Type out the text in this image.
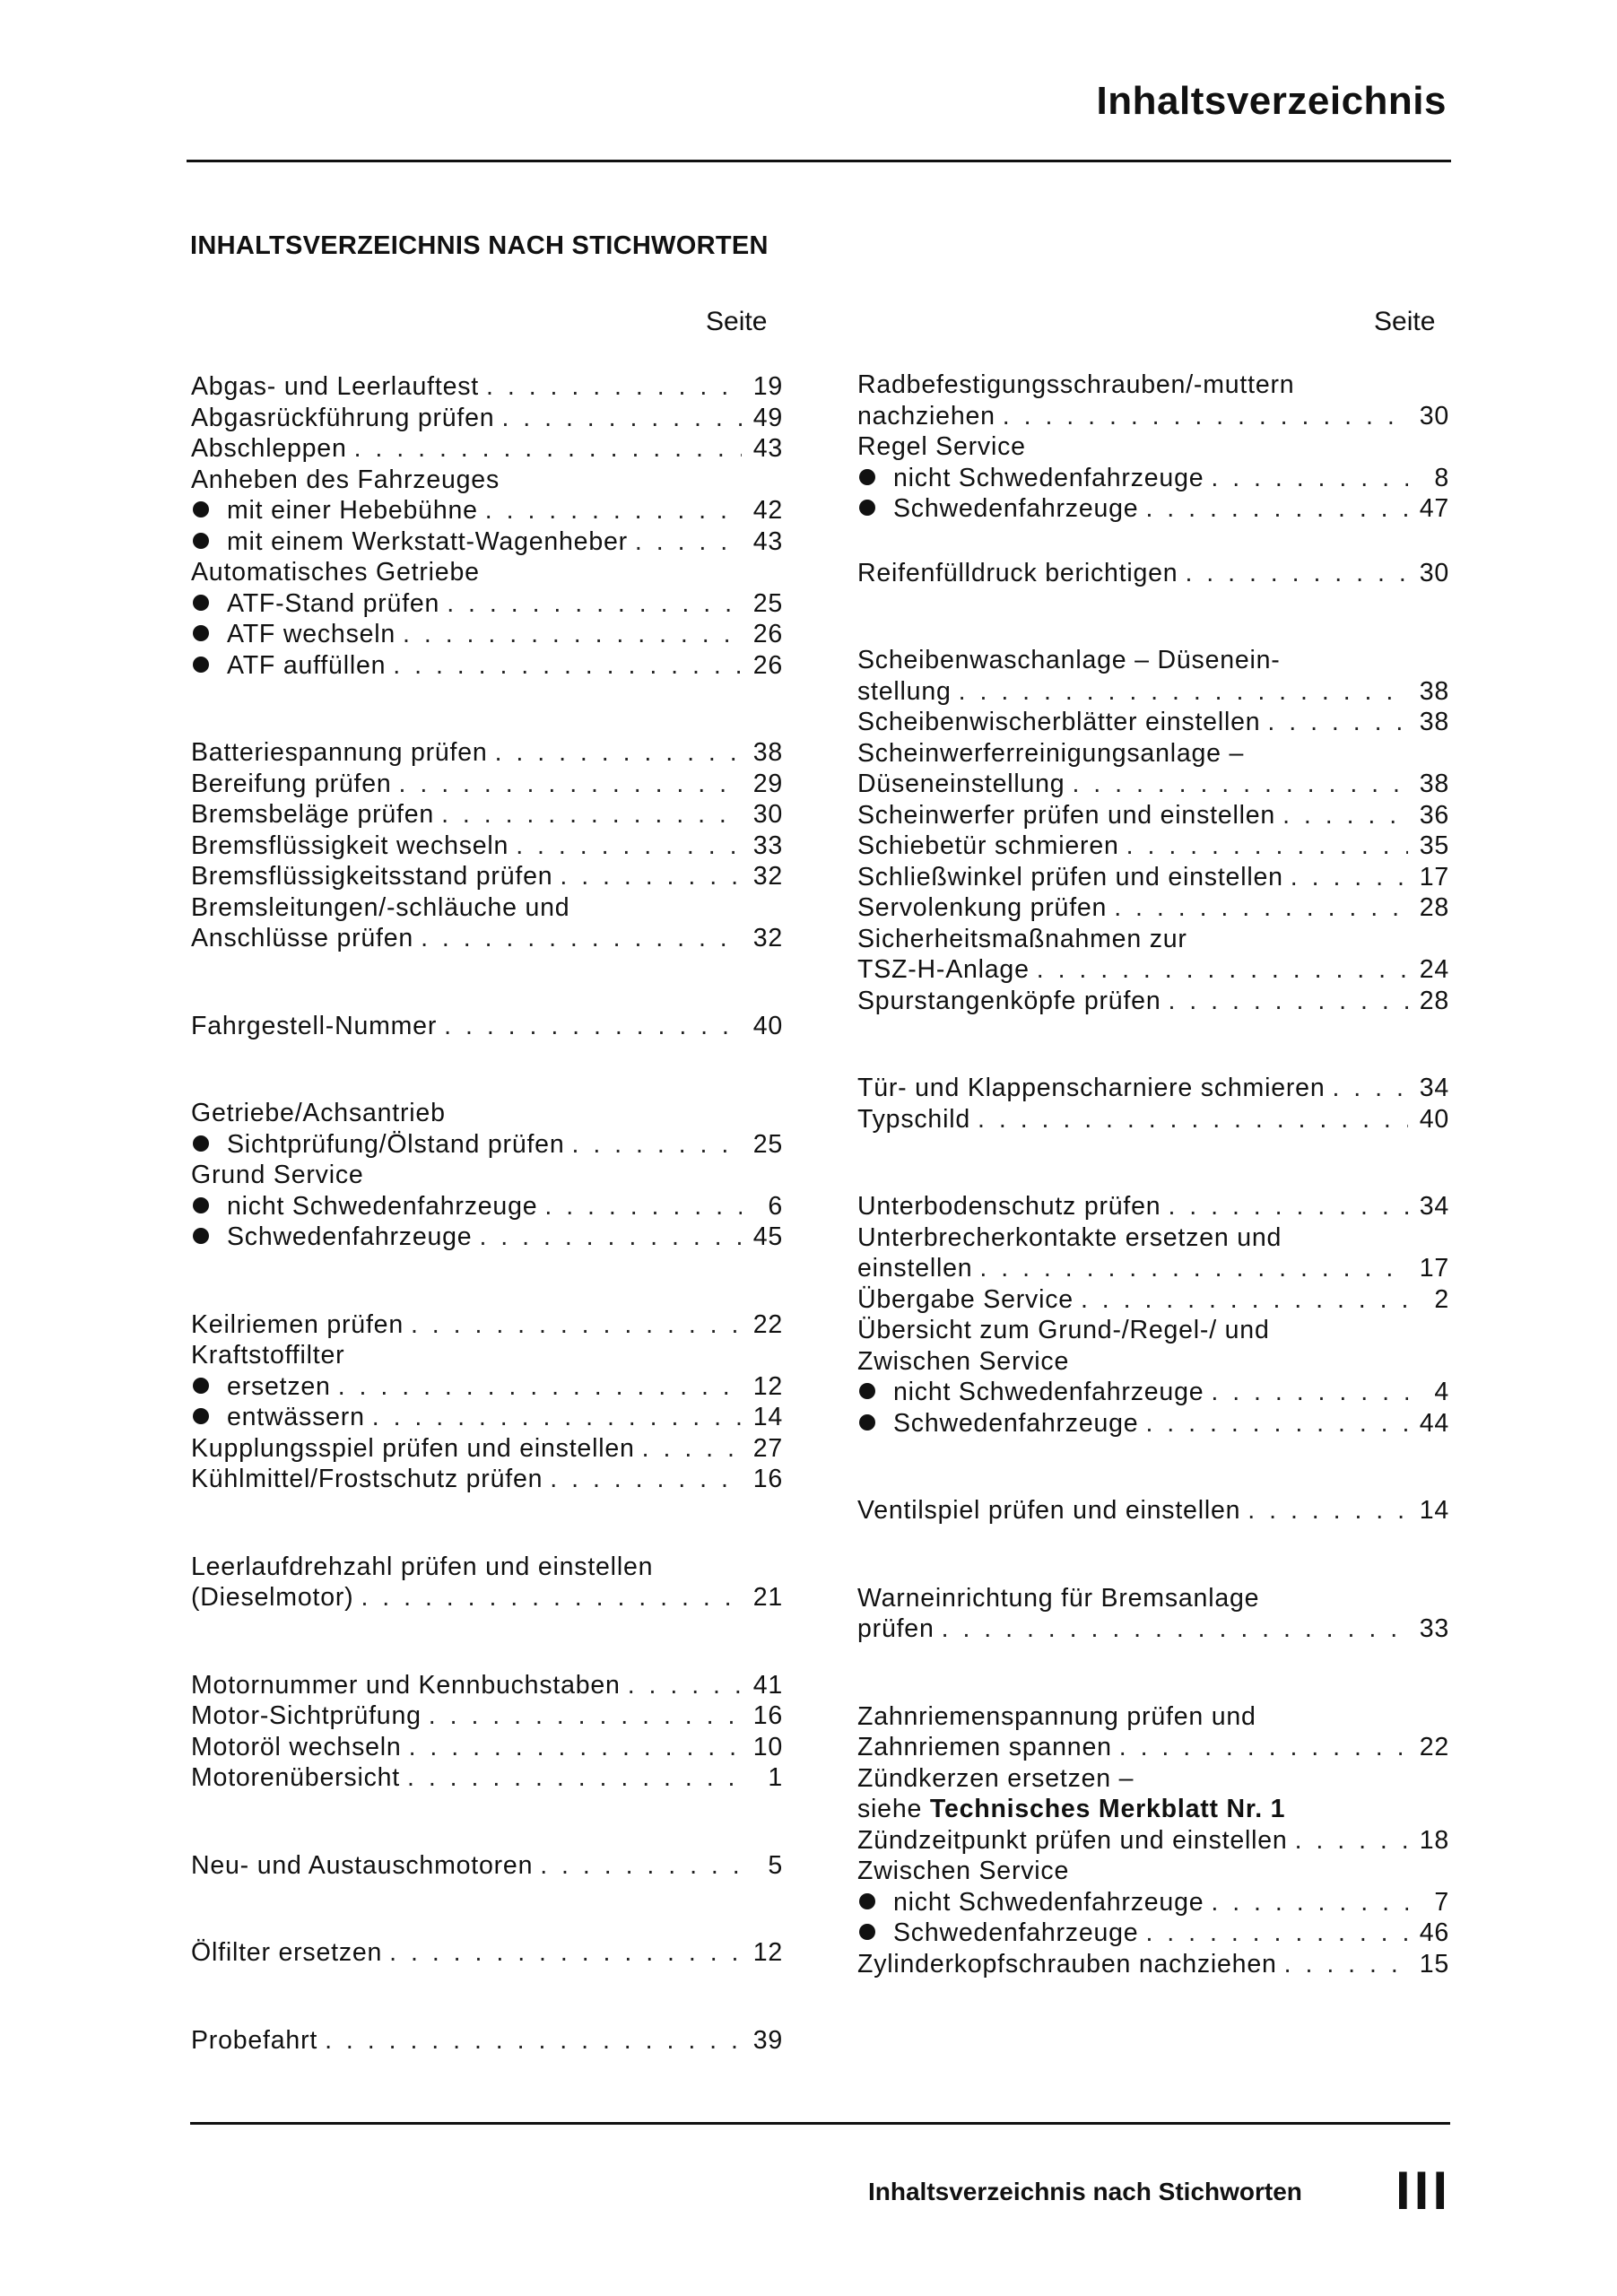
Inhaltsverzeichnis
INHALTSVERZEICHNIS NACH STICHWORTEN
Seite	Seite
Abgas- und Leerlauftest . . .	19
Abgasrückführung prüfen . . .	49
Abschleppen . . .	43
Anheben des Fahrzeuges
mit einer Hebebühne . . .	42
mit einem Werkstatt-Wagenheber . . .	43
Automatisches Getriebe
ATF-Stand prüfen . . .	25
ATF wechseln . . .	26
ATF auffüllen . . .	26
Batteriespannung prüfen . . .	38
Bereifung prüfen . . .	29
Bremsbeläge prüfen . . .	30
Bremsflüssigkeit wechseln . . .	33
Bremsflüssigkeitsstand prüfen . . .	32
Bremsleitungen/-schläuche und
Anschlüsse prüfen . . .	32
Fahrgestell-Nummer . . .	40
Getriebe/Achsantrieb
Sichtprüfung/Ölstand prüfen . . .	25
Grund Service
nicht Schwedenfahrzeuge . . .	6
Schwedenfahrzeuge . . .	45
Keilriemen prüfen . . .	22
Kraftstoffilter
ersetzen . . .	12
entwässern . . .	14
Kupplungsspiel prüfen und einstellen . . .	27
Kühlmittel/Frostschutz prüfen . . .	16
Leerlaufdrehzahl prüfen und einstellen
(Dieselmotor) . . .	21
Motornummer und Kennbuchstaben . . .	41
Motor-Sichtprüfung . . .	16
Motoröl wechseln . . .	10
Motorenübersicht . . .	1
Neu- und Austauschmotoren . . .	5
Ölfilter ersetzen . . .	12
Probefahrt . . .	39
Radbefestigungsschrauben/-muttern
nachziehen . . .	30
Regel Service
nicht Schwedenfahrzeuge . . .	8
Schwedenfahrzeuge . . .	47
Reifenfülldruck berichtigen . . .	30
Scheibenwaschanlage – Düsenein-
stellung . . .	38
Scheibenwischerblätter einstellen . . .	38
Scheinwerferreinigungsanlage –
Düseneinstellung . . .	38
Scheinwerfer prüfen und einstellen . . .	36
Schiebetür schmieren . . .	35
Schließwinkel prüfen und einstellen . . .	17
Servolenkung prüfen . . .	28
Sicherheitsmaßnahmen zur
TSZ-H-Anlage . . .	24
Spurstangenköpfe prüfen . . .	28
Tür- und Klappenscharniere schmieren . . .	34
Typschild . . .	40
Unterbodenschutz prüfen . . .	34
Unterbrecherkontakte ersetzen und
einstellen . . .	17
Übergabe Service . . .	2
Übersicht zum Grund-/Regel-/ und
Zwischen Service
nicht Schwedenfahrzeuge . . .	4
Schwedenfahrzeuge . . .	44
Ventilspiel prüfen und einstellen . . .	14
Warneinrichtung für Bremsanlage
prüfen . . .	33
Zahnriemenspannung prüfen und
Zahnriemen spannen . . .	22
Zündkerzen ersetzen –
siehe Technisches Merkblatt Nr. 1
Zündzeitpunkt prüfen und einstellen . . .	18
Zwischen Service
nicht Schwedenfahrzeuge . . .	7
Schwedenfahrzeuge . . .	46
Zylinderkopfschrauben nachziehen . . .	15
Inhaltsverzeichnis nach Stichworten III
